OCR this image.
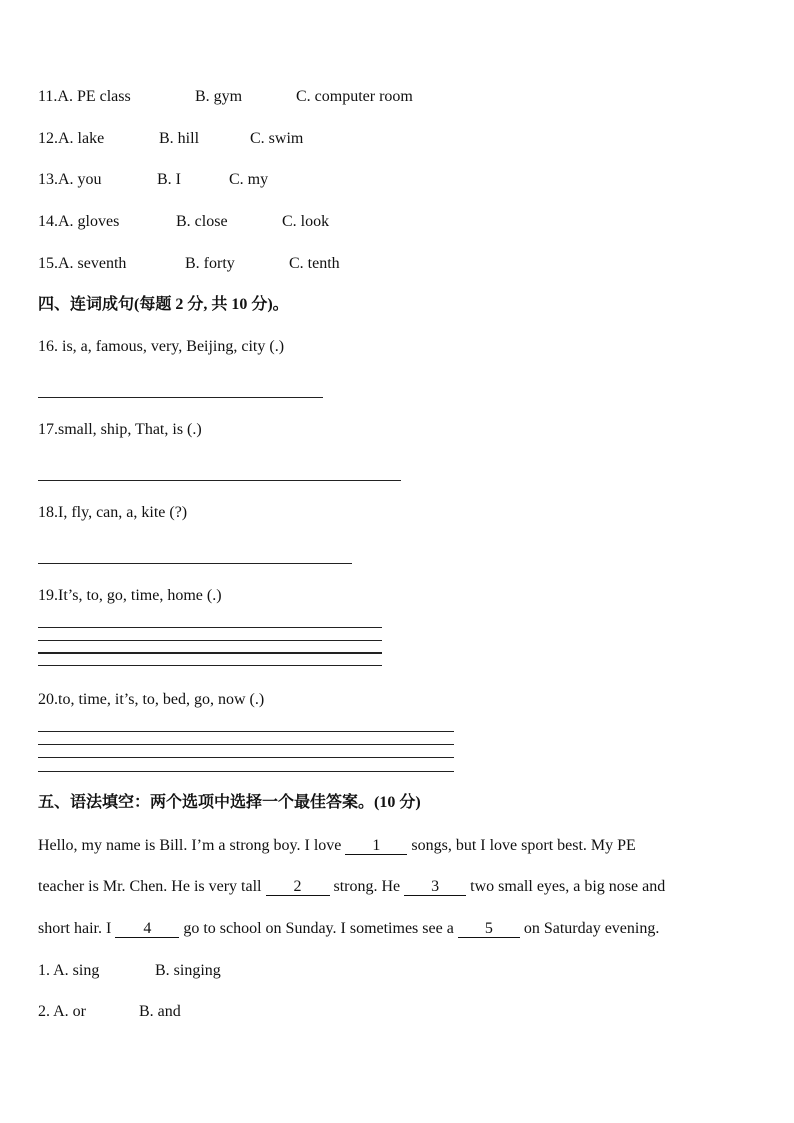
11.A. PE class	B. gym	C. computer room
12.A. lake	B. hill	C. swim
13.A. you	B. I	C. my
14.A. gloves	B. close	C. look
15.A. seventh	B. forty	C. tenth
四、连词成句(每题 2 分, 共 10 分)。
16. is, a, famous, very, Beijing, city (.)
17.small, ship, That, is (.)
18.I, fly, can, a, kite (?)
19.It’s, to, go, time, home (.)
20.to, time, it’s, to, bed, go, now (.)
五、语法填空：两个选项中选择一个最佳答案。(10 分)
Hello, my name is Bill. I’m a strong boy. I love 1 songs, but I love sport best. My PE
teacher is Mr. Chen. He is very tall 2 strong. He 3 two small eyes, a big nose and
short hair. I 4 go to school on Sunday. I sometimes see a 5 on Saturday evening.
1. A. sing	B. singing
2. A. or	B. and
